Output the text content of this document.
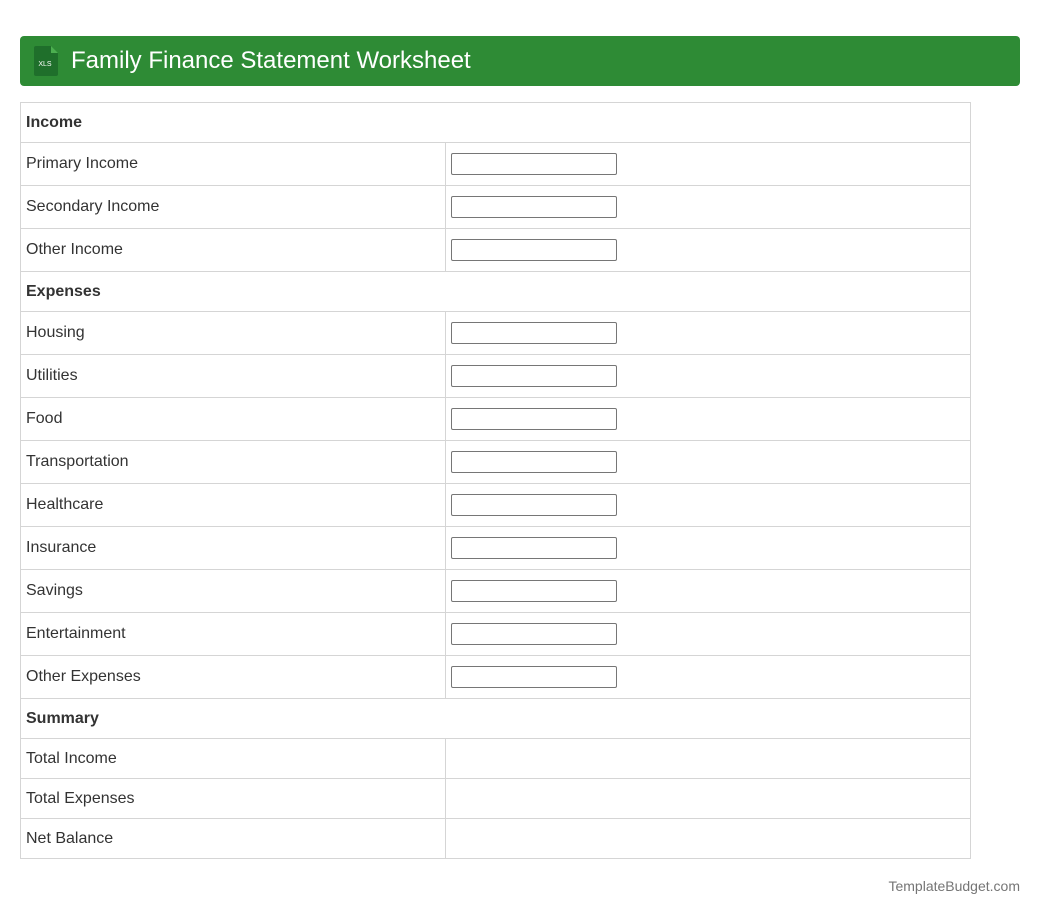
XLS Family Finance Statement Worksheet
Income	
Primary Income	

Secondary Income	

Other Income	

Expenses	
Housing	

Utilities	

Food	

Transportation	

Healthcare	

Insurance	

Savings	

Entertainment	

Other Expenses	

Summary	
Total Income	
Total Expenses	
Net Balance	
TemplateBudget.com
